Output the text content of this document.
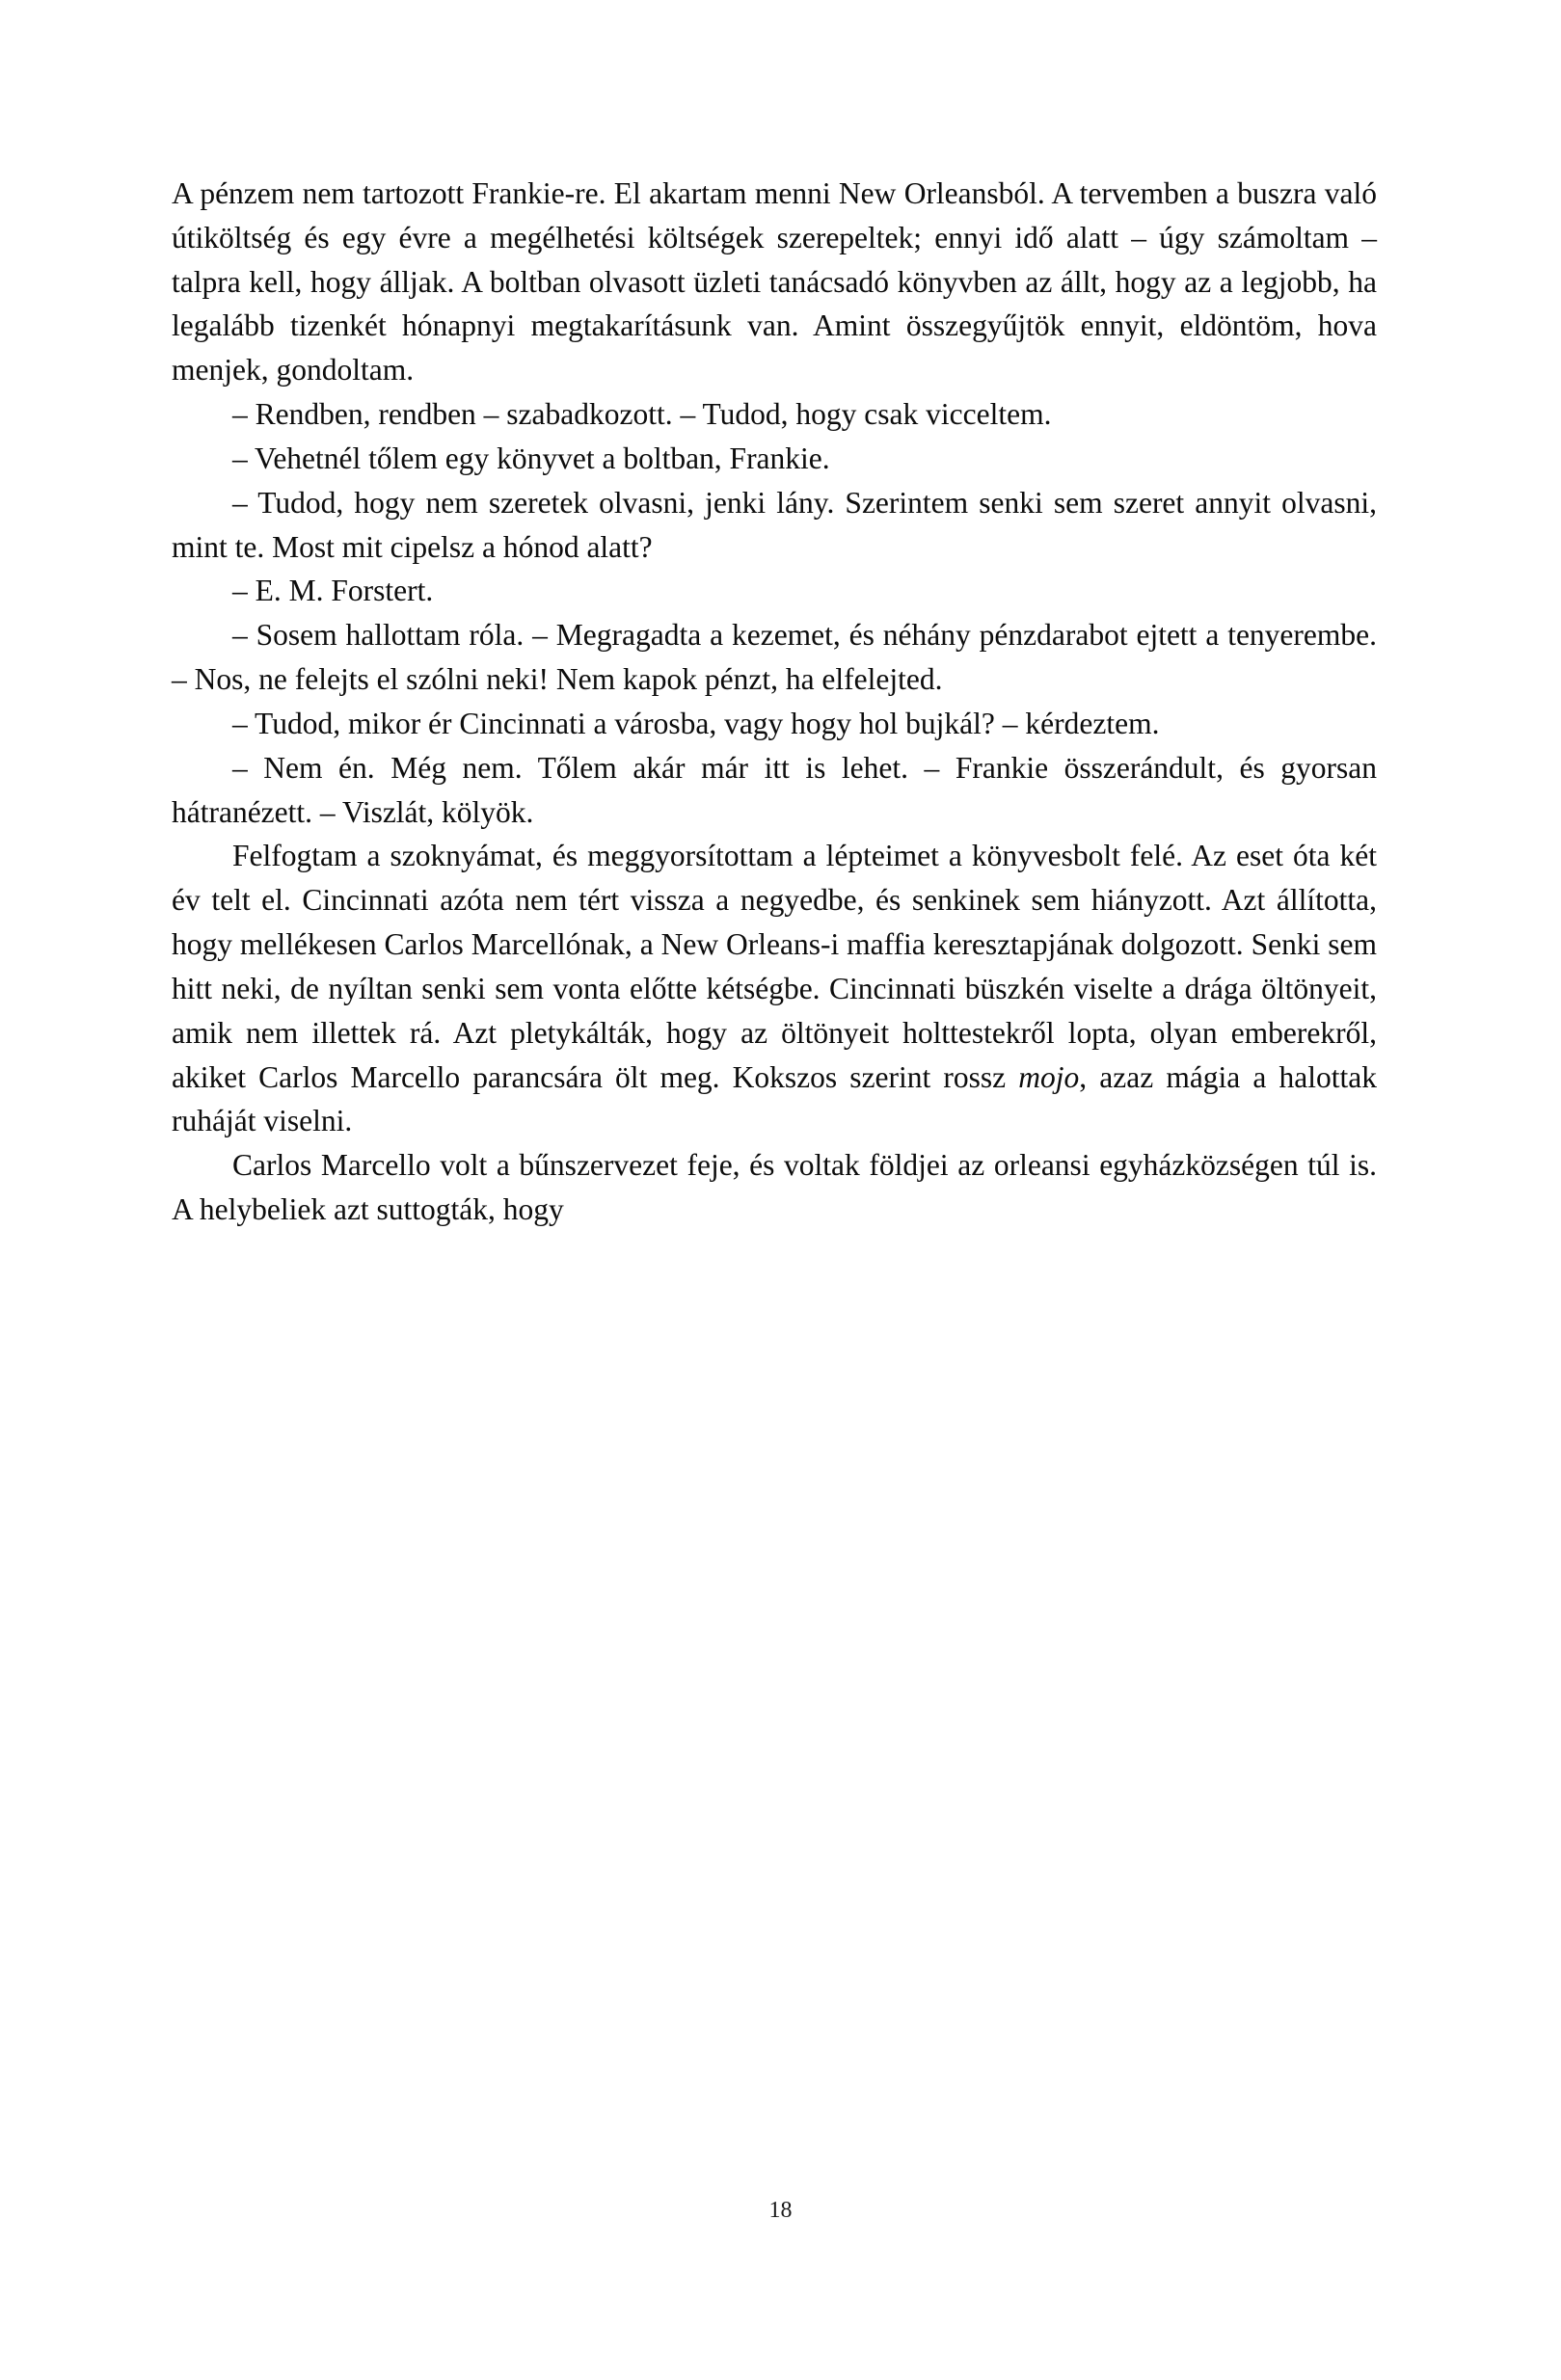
A pénzem nem tartozott Frankie-re. El akartam menni New Orleansból. A tervemben a buszra való útiköltség és egy évre a megélhetési költségek szerepeltek; ennyi idő alatt – úgy számoltam – talpra kell, hogy álljak. A boltban olvasott üzleti tanácsadó könyvben az állt, hogy az a legjobb, ha legalább tizenkét hónapnyi megtakarításunk van. Amint összegyűjtök ennyit, eldöntöm, hova menjek, gondoltam.

– Rendben, rendben – szabadkozott. – Tudod, hogy csak vicceltem.

– Vehetnél tőlem egy könyvet a boltban, Frankie.

– Tudod, hogy nem szeretek olvasni, jenki lány. Szerintem senki sem szeret annyit olvasni, mint te. Most mit cipelsz a hónod alatt?

– E. M. Forstert.

– Sosem hallottam róla. – Megragadta a kezemet, és néhány pénzdarabot ejtett a tenyerembe. – Nos, ne felejts el szólni neki! Nem kapok pénzt, ha elfelejted.

– Tudod, mikor ér Cincinnati a városba, vagy hogy hol bujkál? – kérdeztem.

– Nem én. Még nem. Tőlem akár már itt is lehet. – Frankie összerándult, és gyorsan hátranézett. – Viszlát, kölyök.

Felfogtam a szoknyámat, és meggyorsítottam a lépteimet a könyvesbolt felé. Az eset óta két év telt el. Cincinnati azóta nem tért vissza a negyedbe, és senkinek sem hiányzott. Azt állította, hogy mellékesen Carlos Marcellónak, a New Orleans-i maffia keresztapjának dolgozott. Senki sem hitt neki, de nyíltan senki sem vonta előtte kétségbe. Cincinnati büszkén viselte a drága öltönyeit, amik nem illettek rá. Azt pletykálták, hogy az öltönyeit holttestekről lopta, olyan emberekről, akiket Carlos Marcello parancsára ölt meg. Kokszos szerint rossz mojo, azaz mágia a halottak ruháját viselni.

Carlos Marcello volt a bűnszervezet feje, és voltak földjei az orleansi egyházközségen túl is. A helybeliek azt suttogták, hogy

18
